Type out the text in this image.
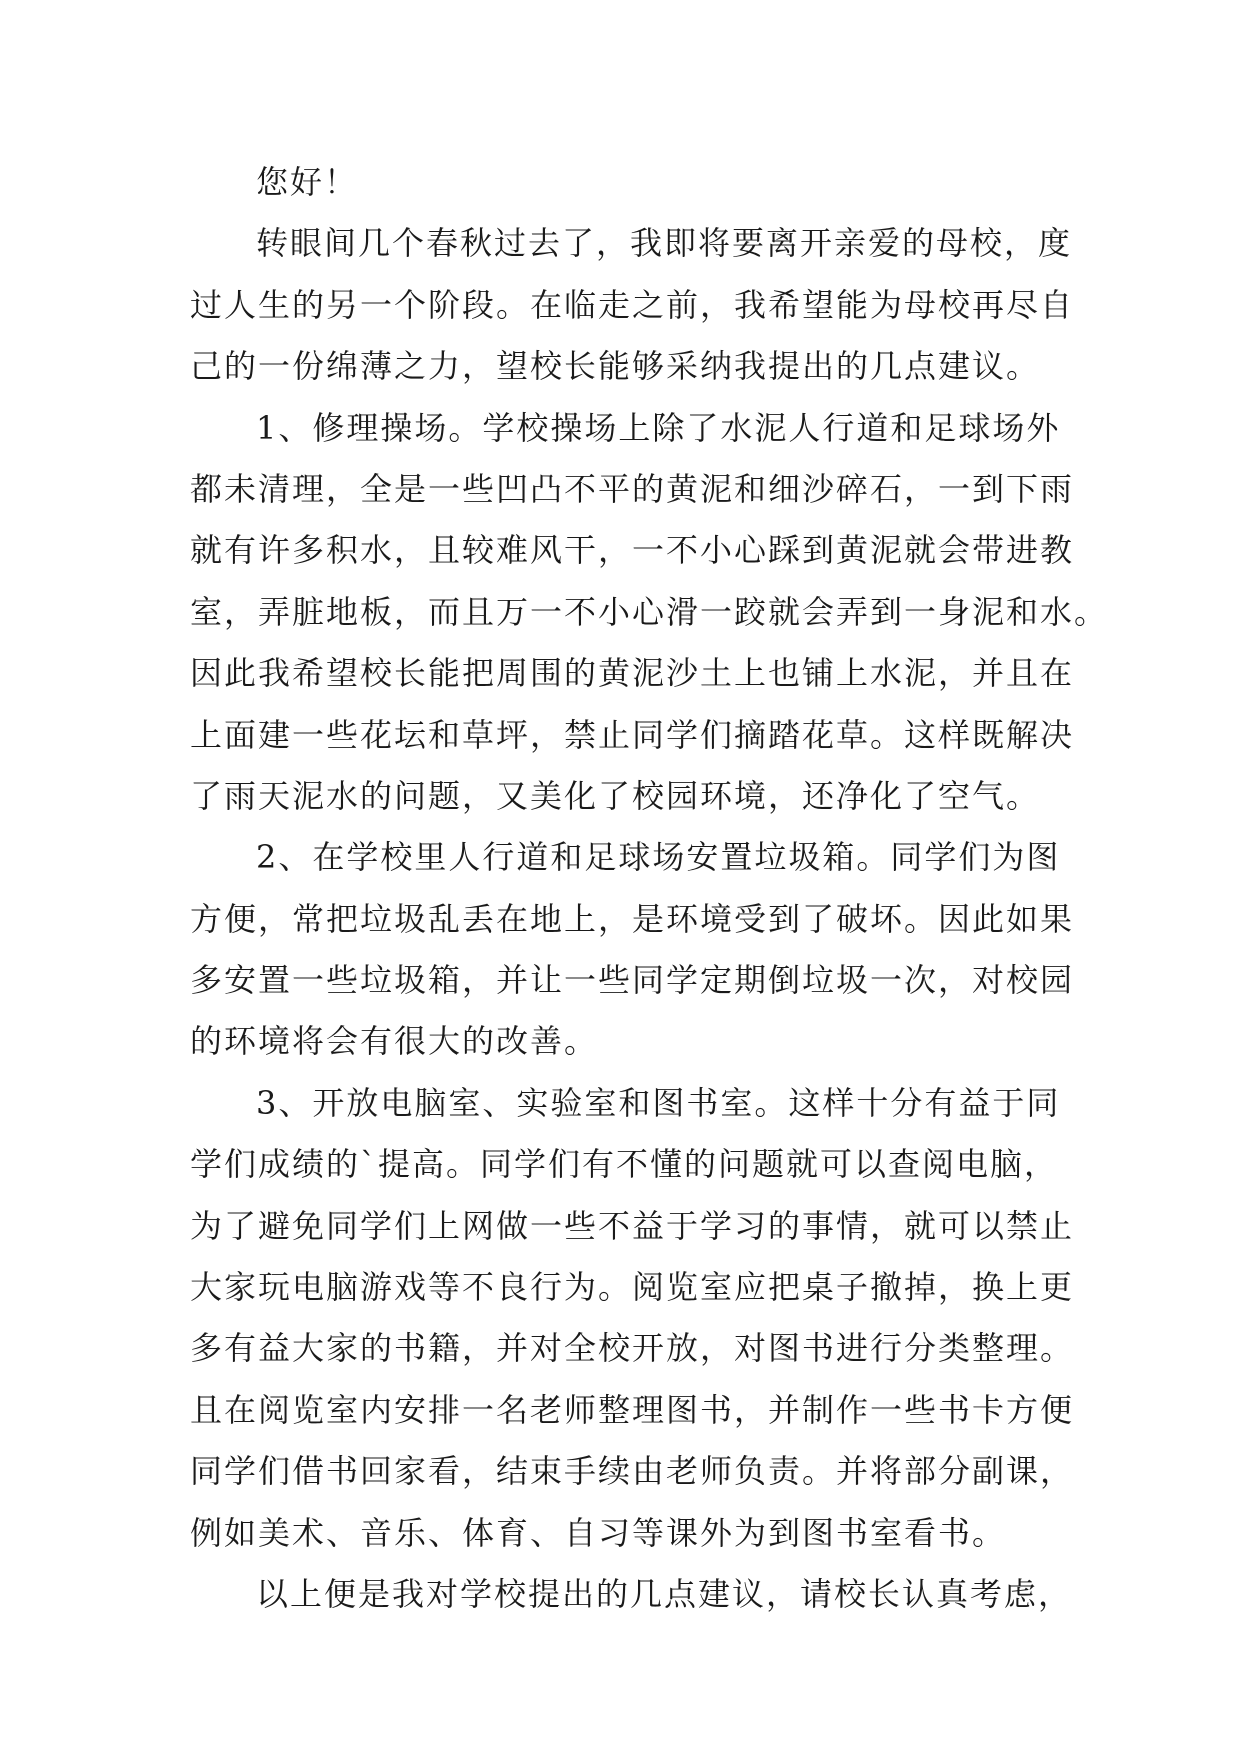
您好！
转眼间几个春秋过去了，我即将要离开亲爱的母校，度
过人生的另一个阶段。在临走之前，我希望能为母校再尽自
己的一份绵薄之力，望校长能够采纳我提出的几点建议。
1、修理操场。学校操场上除了水泥人行道和足球场外
都未清理，全是一些凹凸不平的黄泥和细沙碎石，一到下雨
就有许多积水，且较难风干，一不小心踩到黄泥就会带进教
室，弄脏地板，而且万一不小心滑一跤就会弄到一身泥和水。
因此我希望校长能把周围的黄泥沙土上也铺上水泥，并且在
上面建一些花坛和草坪，禁止同学们摘踏花草。这样既解决
了雨天泥水的问题，又美化了校园环境，还净化了空气。
2、在学校里人行道和足球场安置垃圾箱。同学们为图
方便，常把垃圾乱丢在地上，是环境受到了破坏。因此如果
多安置一些垃圾箱，并让一些同学定期倒垃圾一次，对校园
的环境将会有很大的改善。
3、开放电脑室、实验室和图书室。这样十分有益于同
学们成绩的`提高。同学们有不懂的问题就可以查阅电脑，
为了避免同学们上网做一些不益于学习的事情，就可以禁止
大家玩电脑游戏等不良行为。阅览室应把桌子撤掉，换上更
多有益大家的书籍，并对全校开放，对图书进行分类整理。
且在阅览室内安排一名老师整理图书，并制作一些书卡方便
同学们借书回家看，结束手续由老师负责。并将部分副课，
例如美术、音乐、体育、自习等课外为到图书室看书。
以上便是我对学校提出的几点建议，请校长认真考虑，
